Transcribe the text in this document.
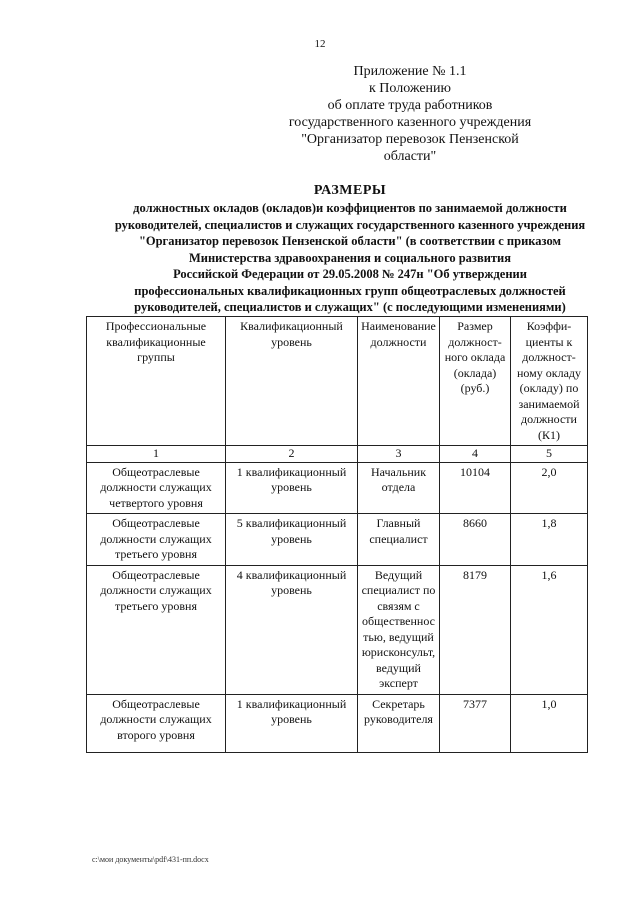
12
Приложение № 1.1
к Положению
об оплате труда работников
государственного казенного учреждения
"Организатор перевозок Пензенской
области"
РАЗМЕРЫ
должностных окладов (окладов)и коэффициентов по занимаемой должности
руководителей, специалистов и служащих государственного казенного учреждения
"Организатор перевозок Пензенской области" (в соответствии с приказом
Министерства здравоохранения и социального развития
Российской Федерации от 29.05.2008 № 247н "Об утверждении
профессиональных квалификационных групп общеотраслевых должностей
руководителей, специалистов и служащих" (с последующими изменениями)
Профессиональные квалификационные группы	Квалификационный уровень	Наименование должности	Размер должност-ного оклада (оклада) (руб.)	Коэффи-циенты к должност-ному окладу (окладу) по занимаемой должности (К1)
1	2	3	4	5
Общеотраслевые должности служащих четвертого уровня	1 квалификационный уровень	Начальник отдела	10104	2,0
Общеотраслевые должности служащих третьего уровня	5 квалификационный уровень	Главный специалист	8660	1,8
Общеотраслевые должности служащих третьего уровня	4 квалификационный уровень	Ведущий специалист по связям с общественностью, ведущий юрисконсульт, ведущий эксперт	8179	1,6
Общеотраслевые должности служащих второго уровня	1 квалификационный уровень	Секретарь руководителя	7377	1,0
c:\мои документы\pdf\431-пп.docx
